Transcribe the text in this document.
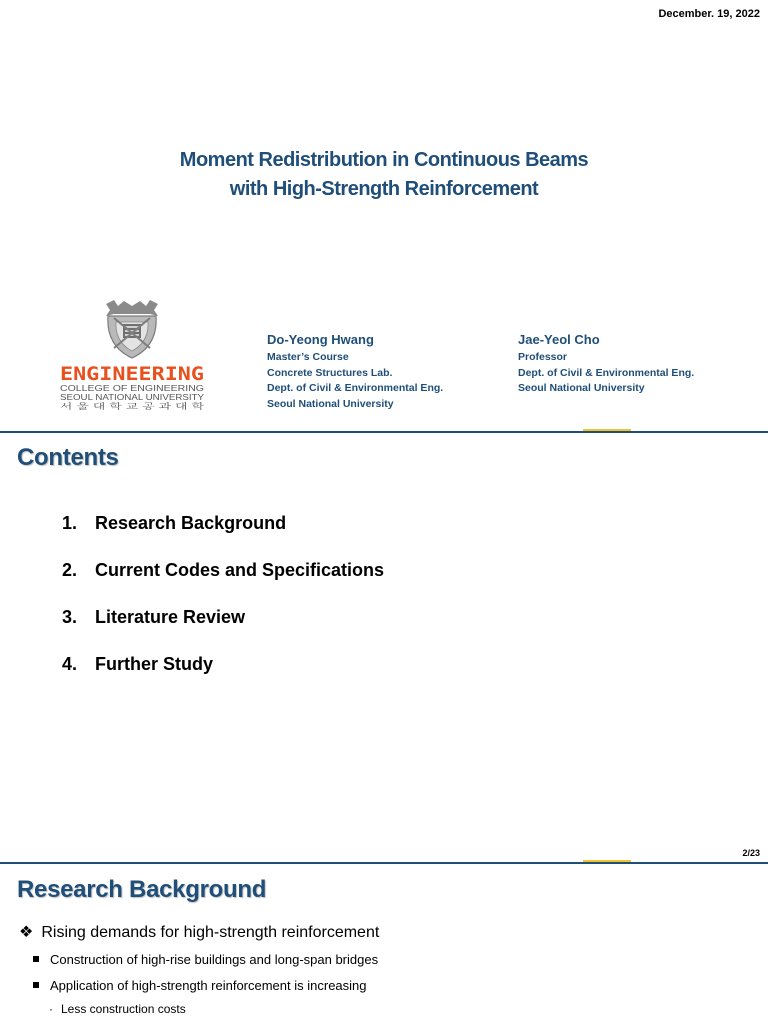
December. 19, 2022
Moment Redistribution in Continuous Beams
with High-Strength Reinforcement
ENGINEERING
COLLEGE OF ENGINEERING
SEOUL NATIONAL UNIVERSITY
서 울 대 학 교 공 과 대 학
Do-Yeong Hwang
Master’s Course
Concrete Structures Lab.
Dept. of Civil & Environmental Eng.
Seoul National University
Jae-Yeol Cho
Professor
Dept. of Civil & Environmental Eng.
Seoul National University
Contents
1. Research Background
2. Current Codes and Specifications
3. Literature Review
4. Further Study
2/23
Research Background
❖ Rising demands for high-strength reinforcement
Construction of high-rise buildings and long-span bridges
Application of high-strength reinforcement is increasing
· Less construction costs
